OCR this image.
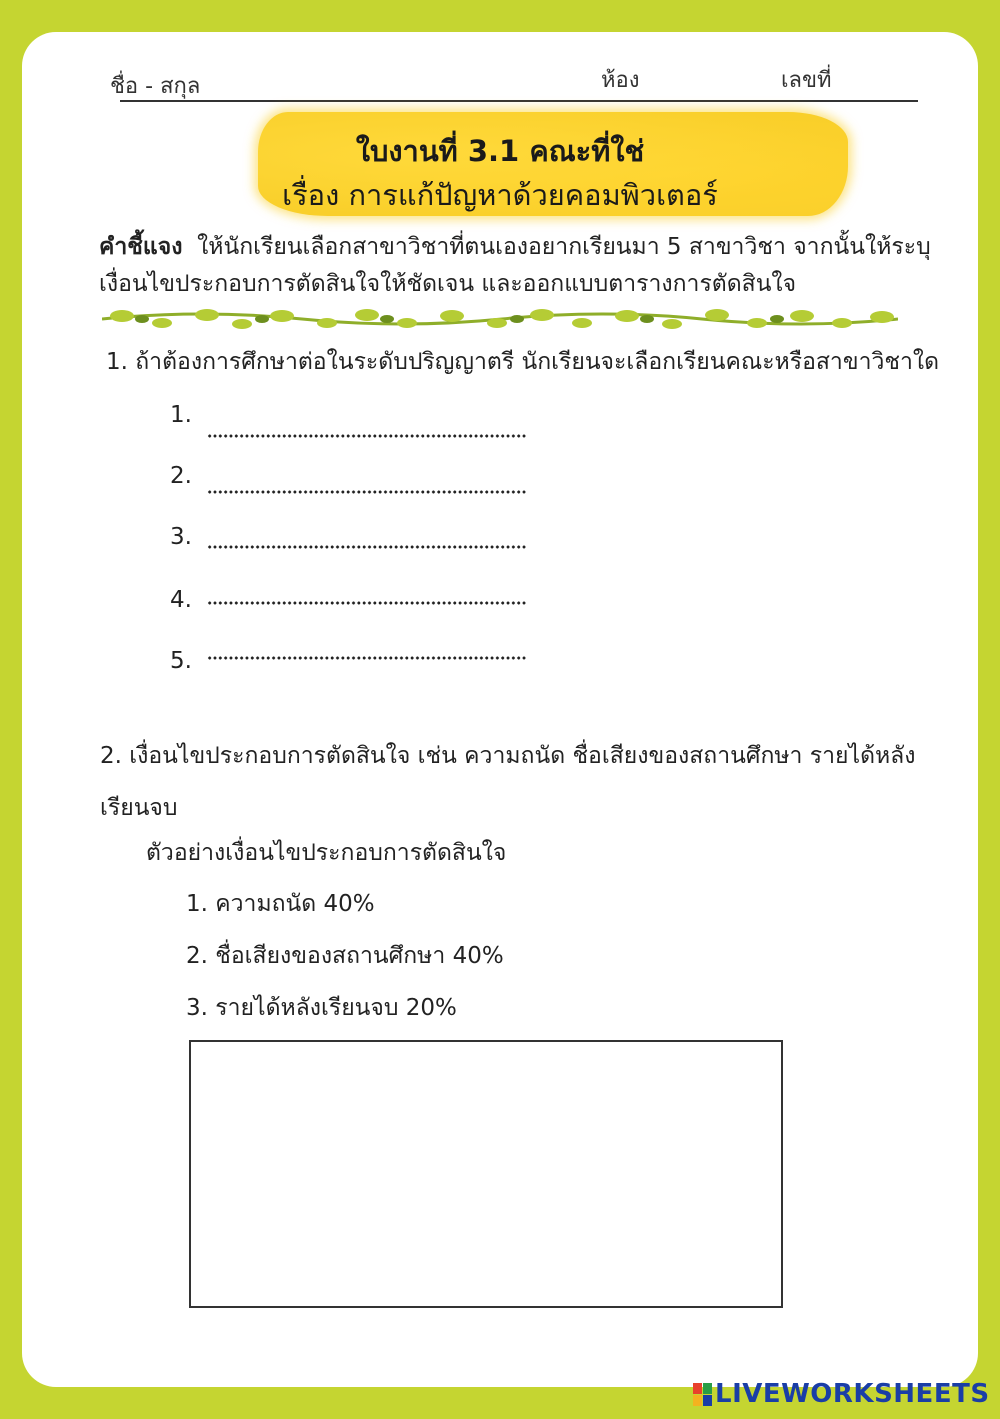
ชื่อ - สกุล	ห้อง	เลขที่
ใบงานที่ 3.1 คณะที่ใช่
เรื่อง การแก้ปัญหาด้วยคอมพิวเตอร์
คำชี้แจง ให้นักเรียนเลือกสาขาวิชาที่ตนเองอยากเรียนมา 5 สาขาวิชา จากนั้นให้ระบุ
เงื่อนไขประกอบการตัดสินใจให้ชัดเจน และออกแบบตารางการตัดสินใจ
1. ถ้าต้องการศึกษาต่อในระดับปริญญาตรี นักเรียนจะเลือกเรียนคณะหรือสาขาวิชาใด
1.
2.
3.
4.
5.
2. เงื่อนไขประกอบการตัดสินใจ เช่น ความถนัด ชื่อเสียงของสถานศึกษา รายได้หลัง
เรียนจบ
ตัวอย่างเงื่อนไขประกอบการตัดสินใจ
1. ความถนัด 40%
2. ชื่อเสียงของสถานศึกษา 40%
3. รายได้หลังเรียนจบ 20%
LIVEWORKSHEETS
